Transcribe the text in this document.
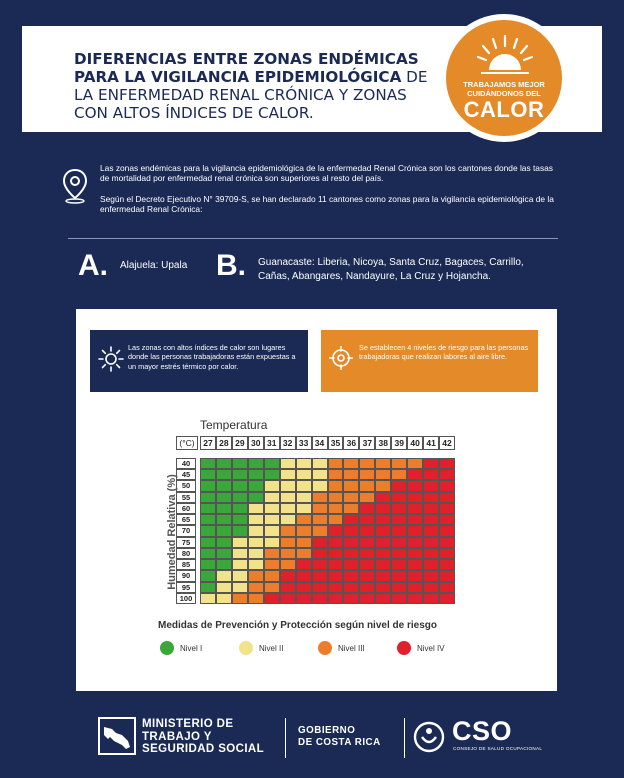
DIFERENCIAS ENTRE ZONAS ENDÉMICAS PARA LA VIGILANCIA EPIDEMIOLÓGICA DE LA ENFERMEDAD RENAL CRÓNICA Y ZONAS CON ALTOS ÍNDICES DE CALOR.
TRABAJAMOS MEJOR
CUIDÁNDONOS DEL
CALOR
Las zonas endémicas para la vigilancia epidemiológica de la enfermedad Renal Crónica son los cantones donde las tasas de mortalidad por enfermedad renal crónica son superiores al resto del país.
Según el Decreto Ejecutivo N° 39709-S, se han declarado 11 cantones como zonas para la vigilancia epidemiológica de la enfermedad Renal Crónica:
A. Alajuela: Upala B. Guanacaste: Liberia, Nicoya, Santa Cruz, Bagaces, Carrillo, Cañas, Abangares, Nandayure, La Cruz y Hojancha.
Las zonas con altos índices de calor son lugares donde las personas trabajadoras están expuestas a un mayor estrés térmico por calor.
Se establecen 4 niveles de riesgo para las personas trabajadoras que realizan labores al aire libre.
Temperatura
(°C)	27 28 29 30 31 32 33 34 35 36 37 38 39 40 41 42
40
45
50
55
60
65
70
75
80
85
90
95
100
Humedad Relativa (%)
Medidas de Prevención y Protección según nivel de riesgo
Nivel I	Nivel II	Nivel III	Nivel IV
MINISTERIO DE
TRABAJO Y
SEGURIDAD SOCIAL
GOBIERNO
DE COSTA RICA	CSO
CONSEJO DE SALUD OCUPACIONAL
